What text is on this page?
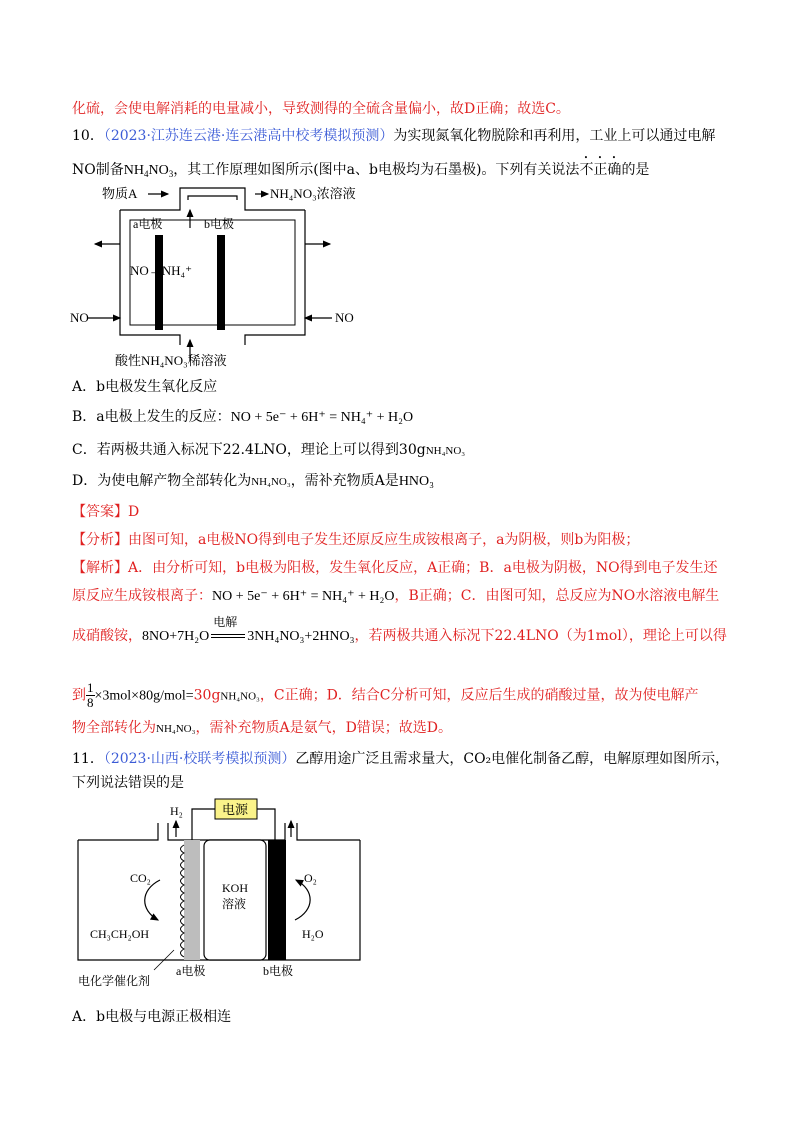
化硫，会使电解消耗的电量减小，导致测得的全硫含量偏小，故D正确；故选C。
10．（2023·江苏连云港·连云港高中校考模拟预测）为实现氮氧化物脱除和再利用，工业上可以通过电解
NO制备$NH_4NO_3$，其工作原理如图所示(图中a、b电极均为石墨极)。下列有关说法不正确的是
物质A	NH₄NO₃浓溶液
a电极	b电极
NO→NH₄⁺
NO	NO
酸性NH₄NO₃稀溶液
A．b电极发生氧化反应
B．a电极上发生的反应：NO + 5e⁻ + 6H⁺ = NH₄⁺ + H₂O
C．若两极共通入标况下22.4LNO，理论上可以得到30gNH₄NO₃
D．为使电解产物全部转化为NH₄NO₃，需补充物质A是HNO₃
【答案】D
【分析】由图可知，a电极NO得到电子发生还原反应生成铵根离子，a为阴极，则b为阳极；
【解析】A．由分析可知，b电极为阳极，发生氧化反应，A正确；B．a电极为阴极，NO得到电子发生还
原反应生成铵根离子：NO + 5e⁻ + 6H⁺ = NH₄⁺ + H₂O，B正确；C．由图可知，总反应为NO水溶液电解生
成硝酸铵，8NO+7H₂O
电解
3NH₄NO₃+2HNO₃，若两极共通入标况下22.4LNO（为1mol），理论上可以得
到 $\frac{1}{8} \times 3mol\times 80g/mol=30gNH_4NO_3$，C正确；D．结合C分析可知，反应后生成的硝酸过量，故为使电解产
物全部转化为NH₄NO₃，需补充物质A是氨气，D错误；故选D。
11．（2023·山西·校联考模拟预测）乙醇用途广泛且需求量大，CO₂电催化制备乙醇，电解原理如图所示，
下列说法错误的是
电源
H₂
KOH
溶液
CO₂
CH₃CH₂OH
O₂
H₂O
电化学催化剂
a电极	b电极
A．b电极与电源正极相连
